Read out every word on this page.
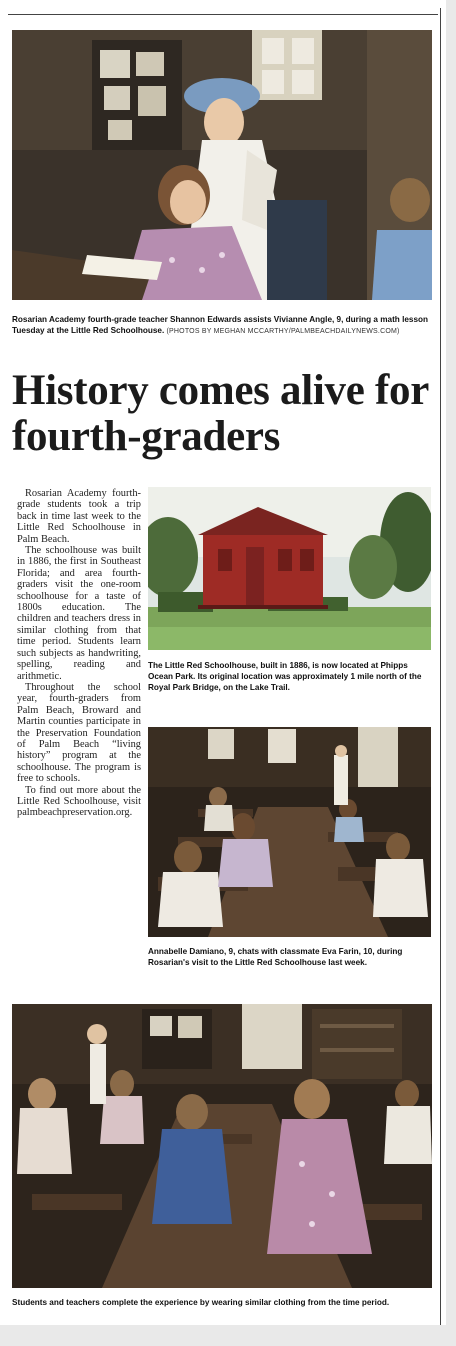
Rosarian Academy fourth-grade teacher Shannon Edwards assists Vivianne Angle, 9, during a math lesson Tuesday at the Little Red Schoolhouse. (PHOTOS BY MEGHAN MCCARTHY/PALMBEACHDAILYNEWS.COM)
History comes alive for fourth-graders

Rosarian Academy fourth-grade students took a trip back in time last week to the Little Red Schoolhouse in Palm Beach.

The schoolhouse was built in 1886, the first in Southeast Florida; and area fourth-graders visit the one-room schoolhouse for a taste of 1800s education. The children and teachers dress in similar clothing from that time period. Students learn such subjects as handwriting, spelling, reading and arithmetic.

Throughout the school year, fourth-graders from Palm Beach, Broward and Martin counties participate in the Preservation Foundation of Palm Beach “living history” program at the schoolhouse. The program is free to schools.

To find out more about the Little Red Schoolhouse, visit palmbeachpreservation.org.

The Little Red Schoolhouse, built in 1886, is now located at Phipps Ocean Park. Its original location was approximately 1 mile north of the Royal Park Bridge, on the Lake Trail.
Annabelle Damiano, 9, chats with classmate Eva Farin, 10, during Rosarian's visit to the Little Red Schoolhouse last week.
Students and teachers complete the experience by wearing similar clothing from the time period.
